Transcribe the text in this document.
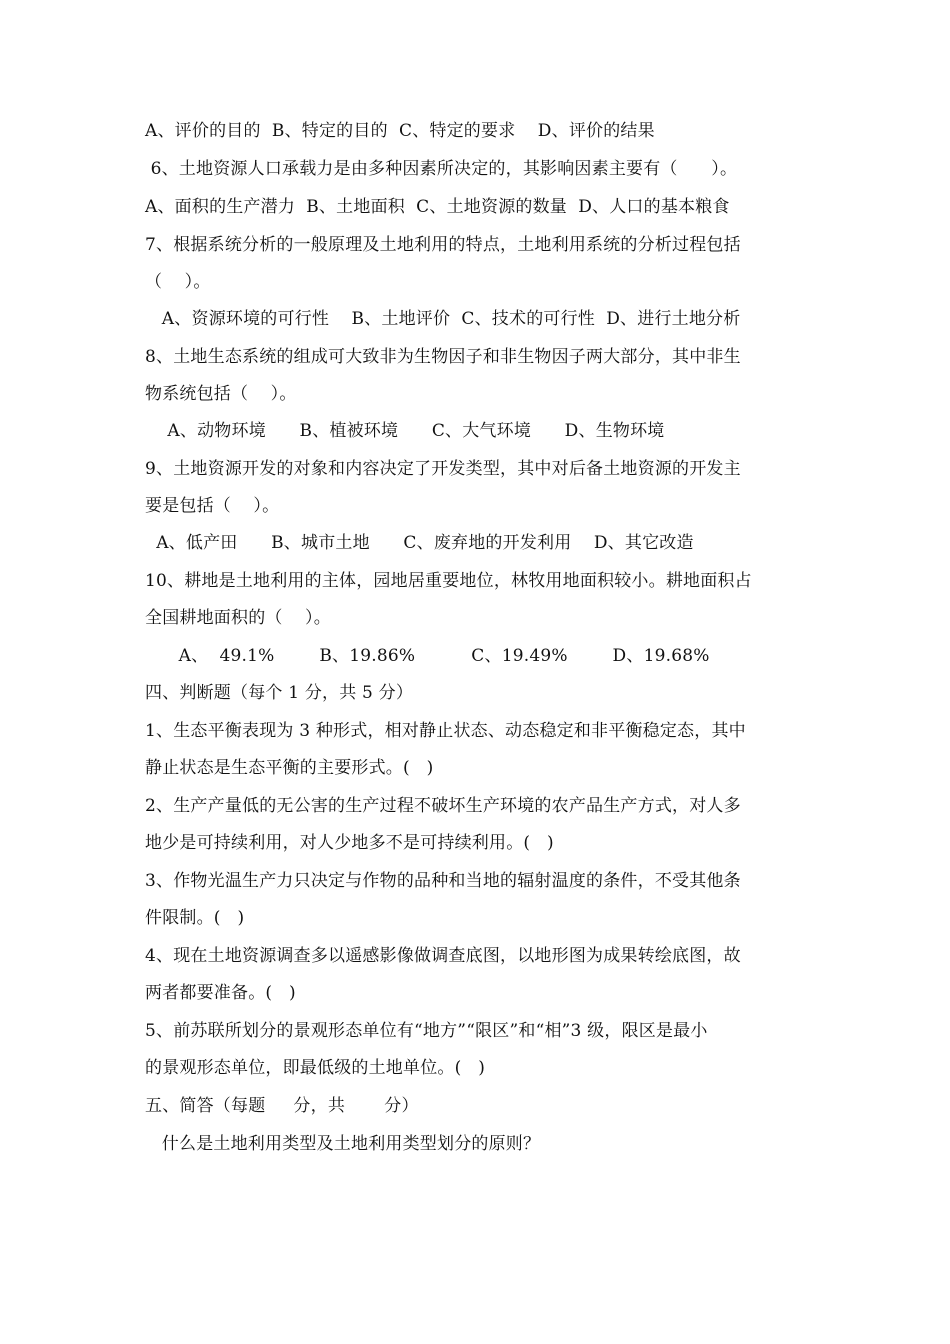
A、评价的目的  B、特定的目的  C、特定的要求    D、评价的结果
6、土地资源人口承载力是由多种因素所决定的，其影响因素主要有（      ）。
A、面积的生产潜力  B、土地面积  C、土地资源的数量  D、人口的基本粮食
7、根据系统分析的一般原理及土地利用的特点，土地利用系统的分析过程包括
（    ）。
A、资源环境的可行性    B、土地评价  C、技术的可行性  D、进行土地分析
8、土地生态系统的组成可大致非为生物因子和非生物因子两大部分，其中非生
物系统包括（    ）。
A、动物环境      B、植被环境      C、大气环境      D、生物环境
9、土地资源开发的对象和内容决定了开发类型，其中对后备土地资源的开发主
要是包括（    ）。
A、低产田      B、城市土地      C、废弃地的开发利用    D、其它改造
10、耕地是土地利用的主体，园地居重要地位，林牧用地面积较小。耕地面积占
全国耕地面积的（    ）。
A、  49.1%        B、19.86%          C、19.49%        D、19.68%
四、判断题（每个 1 分，共 5 分）
1、生态平衡表现为 3 种形式，相对静止状态、动态稳定和非平衡稳定态，其中
静止状态是生态平衡的主要形式。(   )
2、生产产量低的无公害的生产过程不破坏生产环境的农产品生产方式，对人多
地少是可持续利用，对人少地多不是可持续利用。(   )
3、作物光温生产力只决定与作物的品种和当地的辐射温度的条件，不受其他条
件限制。(   )
4、现在土地资源调查多以遥感影像做调查底图，以地形图为成果转绘底图，故
两者都要准备。(   )
5、前苏联所划分的景观形态单位有“地方”“限区”和“相”3 级，限区是最小
的景观形态单位，即最低级的土地单位。(   )
五、简答（每题     分，共       分）
什么是土地利用类型及土地利用类型划分的原则？
